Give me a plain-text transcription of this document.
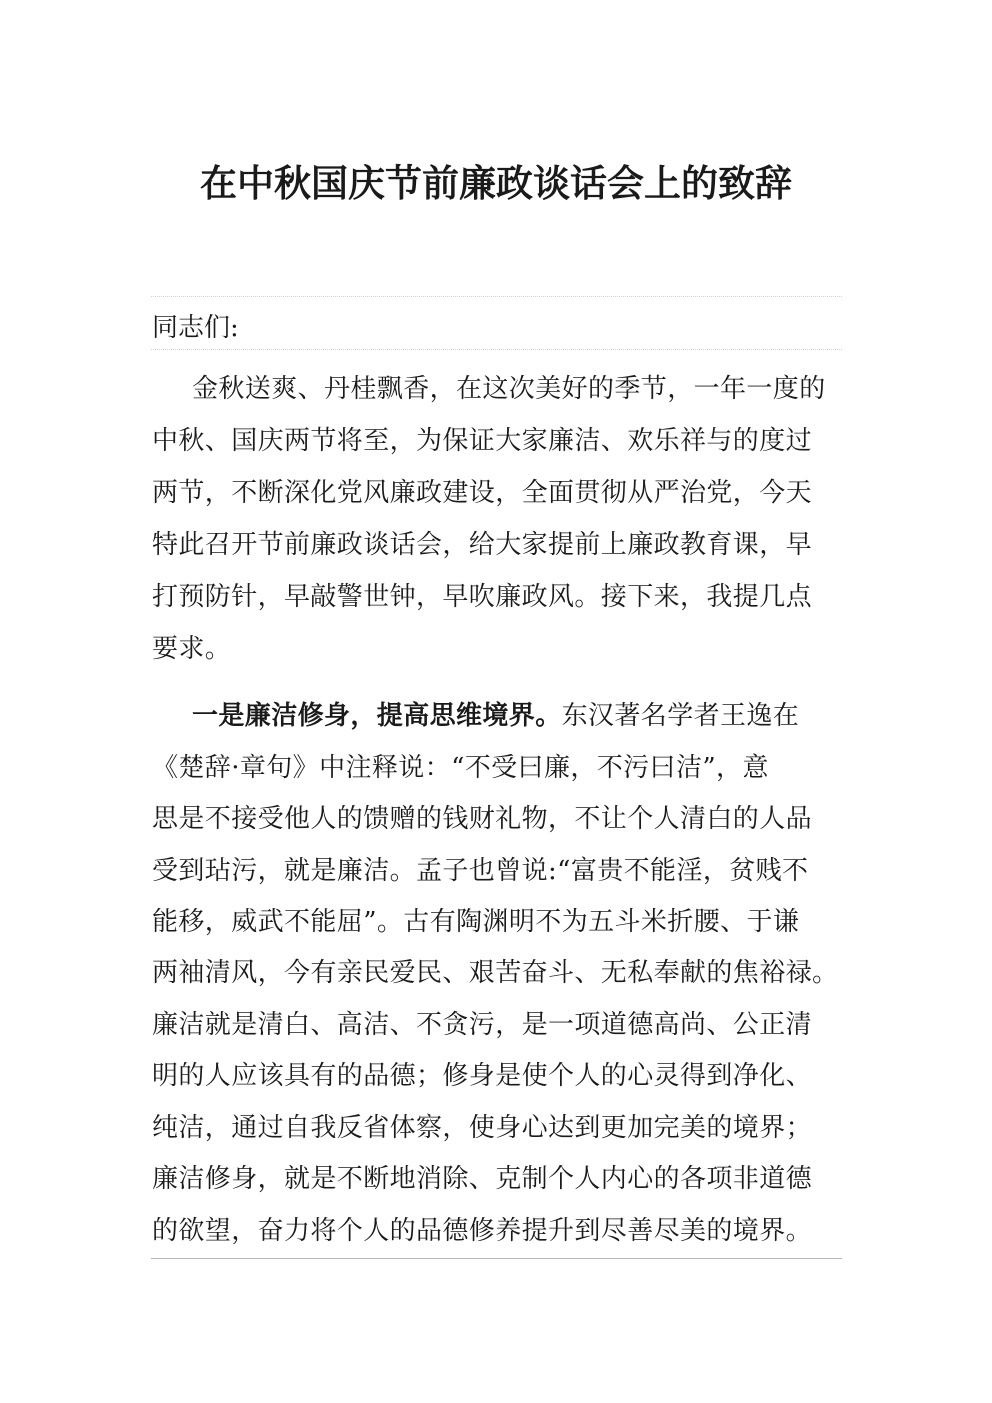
在中秋国庆节前廉政谈话会上的致辞
同志们:
金秋送爽、丹桂飘香，在这次美好的季节，一年一度的
中秋、国庆两节将至，为保证大家廉洁、欢乐祥与的度过
两节，不断深化党风廉政建设，全面贯彻从严治党，今天
特此召开节前廉政谈话会，给大家提前上廉政教育课，早
打预防针，早敲警世钟，早吹廉政风。接下来，我提几点
要求。
一是廉洁修身，提高思维境界。东汉著名学者王逸在
《楚辞·章句》中注释说：“不受曰廉，不污曰洁”，意
思是不接受他人的馈赠的钱财礼物，不让个人清白的人品
受到玷污，就是廉洁。孟子也曾说:“富贵不能淫，贫贱不
能移，威武不能屈”。古有陶渊明不为五斗米折腰、于谦
两袖清风，今有亲民爱民、艰苦奋斗、无私奉献的焦裕禄。
廉洁就是清白、高洁、不贪污，是一项道德高尚、公正清
明的人应该具有的品德；修身是使个人的心灵得到净化、
纯洁，通过自我反省体察，使身心达到更加完美的境界；
廉洁修身，就是不断地消除、克制个人内心的各项非道德
的欲望，奋力将个人的品德修养提升到尽善尽美的境界。
